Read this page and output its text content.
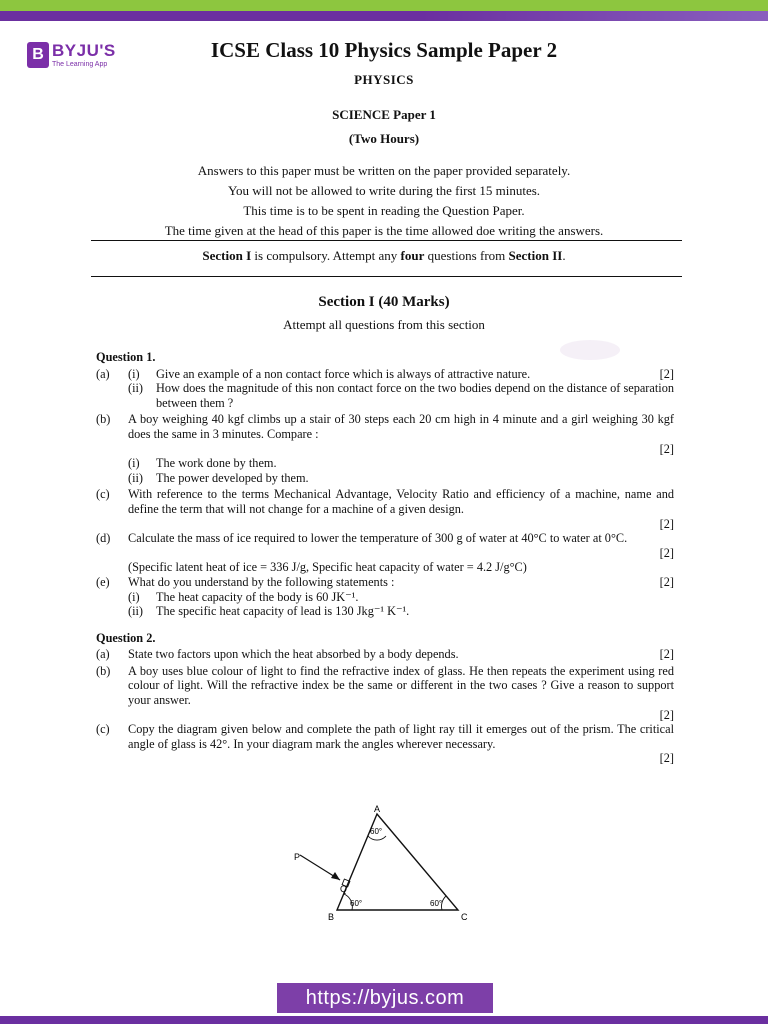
B BYJU'S
The Learning App
ICSE Class 10 Physics Sample Paper 2
PHYSICS
SCIENCE Paper 1
(Two Hours)
Answers to this paper must be written on the paper provided separately.
You will not be allowed to write during the first 15 minutes.
This time is to be spent in reading the Question Paper.
The time given at the head of this paper is the time allowed doe writing the answers.
Section I is compulsory. Attempt any four questions from Section II.
Section I (40 Marks)
Attempt all questions from this section
Question 1.
(a)	(i)	Give an example of a non contact force which is always of attractive nature.	[2]
(ii)	How does the magnitude of this non contact force on the two bodies depend on the distance of separation between them ?
(b)	A boy weighing 40 kgf climbs up a stair of 30 steps each 20 cm high in 4 minute and a girl weighing 30 kgf does the same in 3 minutes. Compare :
[2]
(i)	The work done by them.
(ii)	The power developed by them.
(c)	With reference to the terms Mechanical Advantage, Velocity Ratio and efficiency of a machine, name and define the term that will not change for a machine of a given design.
[2]
(d)	Calculate the mass of ice required to lower the temperature of 300 g of water at 40°C to water at 0°C.
[2]
(Specific latent heat of ice = 336 J/g, Specific heat capacity of water = 4.2 J/g°C)
(e)	What do you understand by the following statements :	[2]
(i)	The heat capacity of the body is 60 JK⁻¹.
(ii)	The specific heat capacity of lead is 130 Jkg⁻¹ K⁻¹.
Question 2.
(a)	State two factors upon which the heat absorbed by a body depends.	[2]
(b)	A boy uses blue colour of light to find the refractive index of glass. He then repeats the experiment using red colour of light. Will the refractive index be the same or different in the two cases ? Give a reason to support your answer.
[2]
(c)	Copy the diagram given below and complete the path of light ray till it emerges out of the prism. The critical angle of glass is 42°. In your diagram mark the angles wherever necessary.
[2]
A
B	C
P
Q
60°
60°	60°
https://byjus.com
